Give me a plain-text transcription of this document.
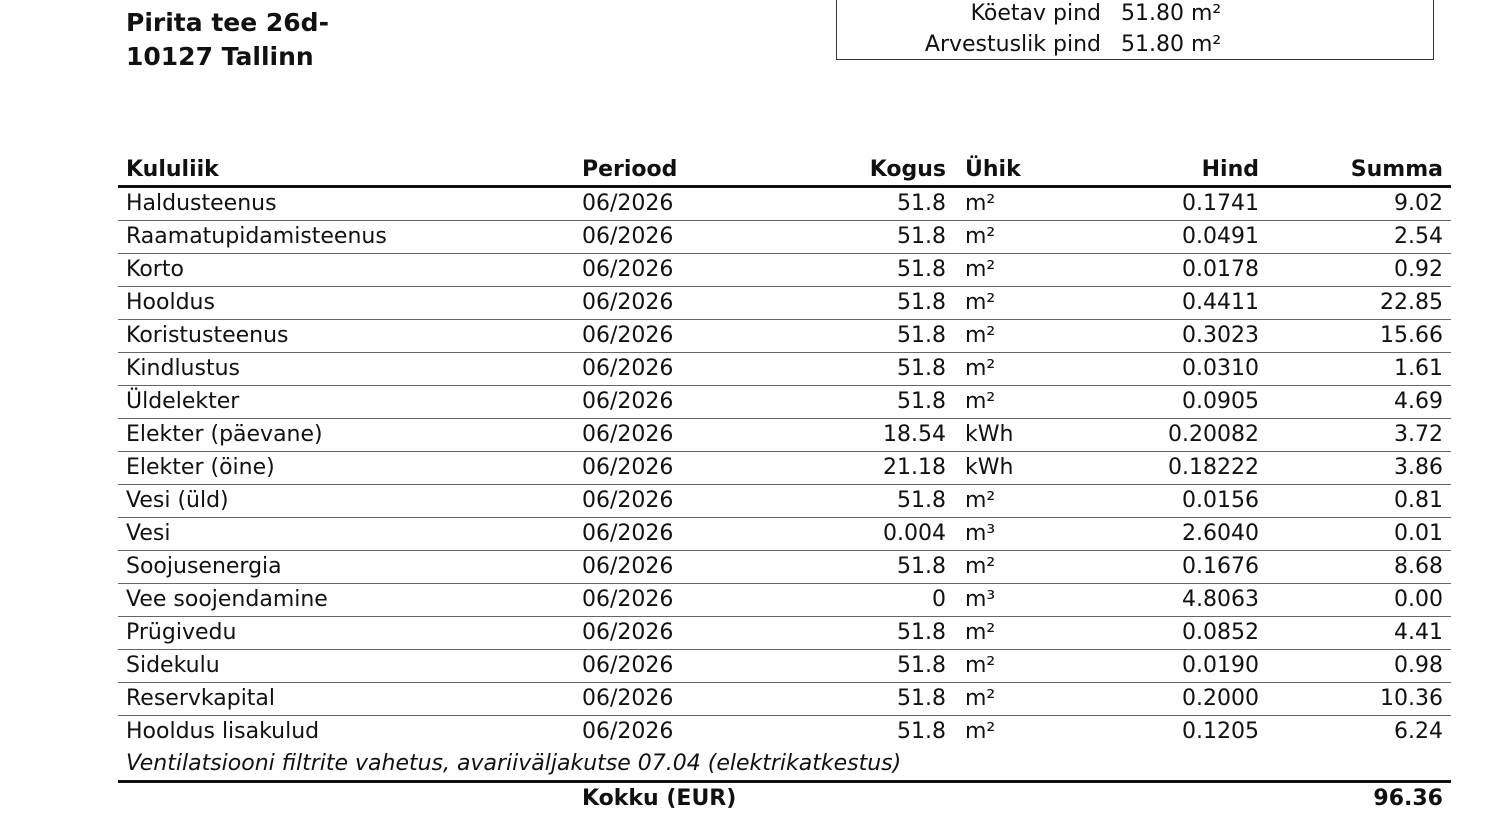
Pirita tee 26d-
10127 Tallinn
Köetav pind 51.80 m²
Arvestuslik pind 51.80 m²
Kululiik	Periood	Kogus Ühik	Hind	Summa
Haldusteenus	06/2026	51.8 m²	0.1741	9.02
Raamatupidamisteenus	06/2026	51.8 m²	0.0491	2.54
Korto	06/2026	51.8 m²	0.0178	0.92
Hooldus	06/2026	51.8 m²	0.4411	22.85
Koristusteenus	06/2026	51.8 m²	0.3023	15.66
Kindlustus	06/2026	51.8 m²	0.0310	1.61
Üldelekter	06/2026	51.8 m²	0.0905	4.69
Elekter (päevane)	06/2026	18.54 kWh	0.20082	3.72
Elekter (öine)	06/2026	21.18 kWh	0.18222	3.86
Vesi (üld)	06/2026	51.8 m²	0.0156	0.81
Vesi	06/2026	0.004 m³	2.6040	0.01
Soojusenergia	06/2026	51.8 m²	0.1676	8.68
Vee soojendamine	06/2026	0 m³	4.8063	0.00
Prügivedu	06/2026	51.8 m²	0.0852	4.41
Sidekulu	06/2026	51.8 m²	0.0190	0.98
Reservkapital	06/2026	51.8 m²	0.2000	10.36
Hooldus lisakulud	06/2026	51.8 m²	0.1205	6.24
Ventilatsiooni filtrite vahetus, avariiväljakutse 07.04 (elektrikatkestus)
Kokku (EUR)	96.36
